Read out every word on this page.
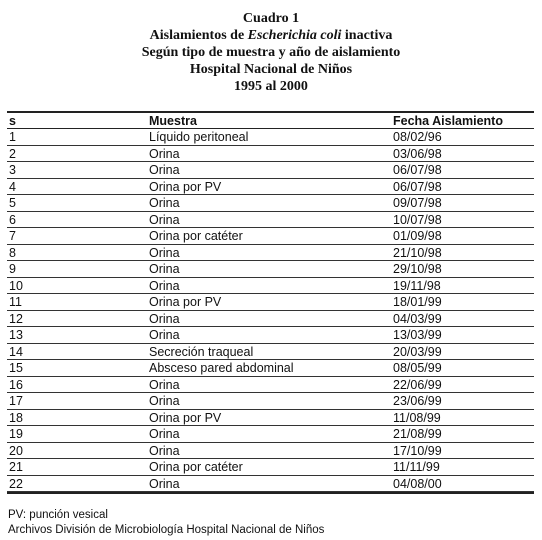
Cuadro 1
Aislamientos de Escherichia coli inactiva
Según tipo de muestra y año de aislamiento
Hospital Nacional de Niños
1995 al 2000
s	Muestra	Fecha Aislamiento
1	Líquido peritoneal	08/02/96
2	Orina	03/06/98
3	Orina	06/07/98
4	Orina por PV	06/07/98
5	Orina	09/07/98
6	Orina	10/07/98
7	Orina por catéter	01/09/98
8	Orina	21/10/98
9	Orina	29/10/98
10	Orina	19/11/98
11	Orina por PV	18/01/99
12	Orina	04/03/99
13	Orina	13/03/99
14	Secreción traqueal	20/03/99
15	Absceso pared abdominal	08/05/99
16	Orina	22/06/99
17	Orina	23/06/99
18	Orina por PV	11/08/99
19	Orina	21/08/99
20	Orina	17/10/99
21	Orina por catéter	11/11/99
22	Orina	04/08/00
PV: punción vesical
Archivos División de Microbiología Hospital Nacional de Niños
